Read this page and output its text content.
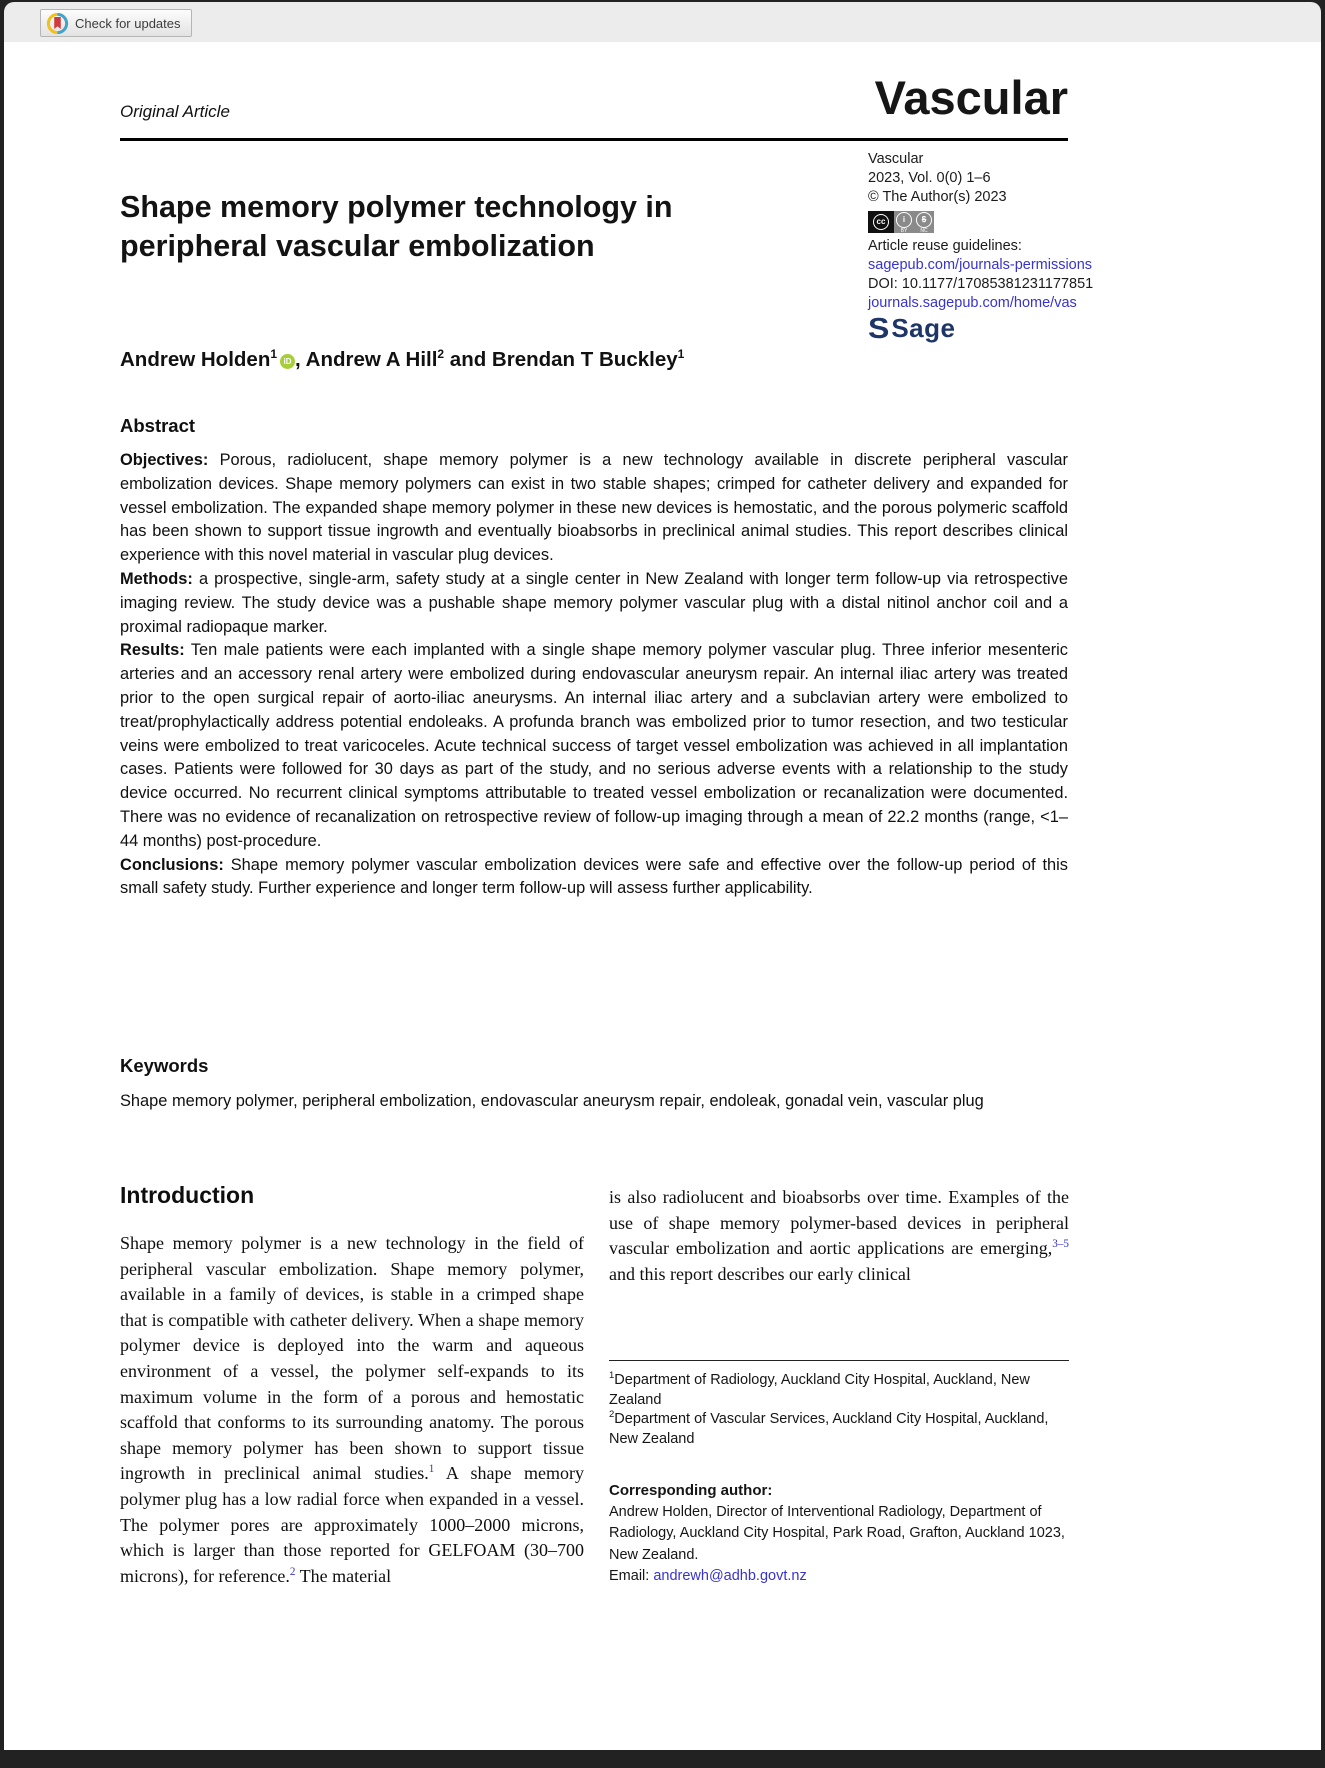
Check for updates
Original Article	Vascular
Shape memory polymer technology in peripheral vascular embolization
Andrew Holden$^1$iD , Andrew A Hill$^2$ and Brendan T Buckley$^1$
Vascular
2023, Vol. 0(0) 1–6
© The Author(s) 2023
cc	i
BY
$
NC
Article reuse guidelines:
sagepub.com/journals-permissions
DOI: 10.1177/17085381231177851
journals.sagepub.com/home/vas
S Sage
Abstract

Objectives: Porous, radiolucent, shape memory polymer is a new technology available in discrete peripheral vascular embolization devices. Shape memory polymers can exist in two stable shapes; crimped for catheter delivery and expanded for vessel embolization. The expanded shape memory polymer in these new devices is hemostatic, and the porous polymeric scaffold has been shown to support tissue ingrowth and eventually bioabsorbs in preclinical animal studies. This report describes clinical experience with this novel material in vascular plug devices.

Methods: a prospective, single-arm, safety study at a single center in New Zealand with longer term follow-up via retrospective imaging review. The study device was a pushable shape memory polymer vascular plug with a distal nitinol anchor coil and a proximal radiopaque marker.

Results: Ten male patients were each implanted with a single shape memory polymer vascular plug. Three inferior mesenteric arteries and an accessory renal artery were embolized during endovascular aneurysm repair. An internal iliac artery was treated prior to the open surgical repair of aorto-iliac aneurysms. An internal iliac artery and a subclavian artery were embolized to treat/prophylactically address potential endoleaks. A profunda branch was embolized prior to tumor resection, and two testicular veins were embolized to treat varicoceles. Acute technical success of target vessel embolization was achieved in all implantation cases. Patients were followed for 30 days as part of the study, and no serious adverse events with a relationship to the study device occurred. No recurrent clinical symptoms attributable to treated vessel embolization or recanalization were documented. There was no evidence of recanalization on retrospective review of follow-up imaging through a mean of 22.2 months (range, <1–44 months) post-procedure.

Conclusions: Shape memory polymer vascular embolization devices were safe and effective over the follow-up period of this small safety study. Further experience and longer term follow-up will assess further applicability.

Keywords
Shape memory polymer, peripheral embolization, endovascular aneurysm repair, endoleak, gonadal vein, vascular plug
Introduction

Shape memory polymer is a new technology in the field of peripheral vascular embolization. Shape memory polymer, available in a family of devices, is stable in a crimped shape that is compatible with catheter delivery. When a shape memory polymer device is deployed into the warm and aqueous environment of a vessel, the polymer self-expands to its maximum volume in the form of a porous and hemostatic scaffold that conforms to its surrounding anatomy. The porous shape memory polymer has been shown to support tissue ingrowth in preclinical animal studies.$^1$ A shape memory polymer plug has a low radial force when expanded in a vessel. The polymer pores are approximately 1000–2000 microns, which is larger than those reported for GELFOAM (30–700 microns), for reference.$^2$ The material

is also radiolucent and bioabsorbs over time. Examples of the use of shape memory polymer-based devices in peripheral vascular embolization and aortic applications are emerging,$^{3-5}$ and this report describes our early clinical

$^1$Department of Radiology, Auckland City Hospital, Auckland, New Zealand

$^2$Department of Vascular Services, Auckland City Hospital, Auckland, New Zealand

Corresponding author:

Andrew Holden, Director of Interventional Radiology, Department of Radiology, Auckland City Hospital, Park Road, Grafton, Auckland 1023, New Zealand.

Email: andrewh@adhb.govt.nz
